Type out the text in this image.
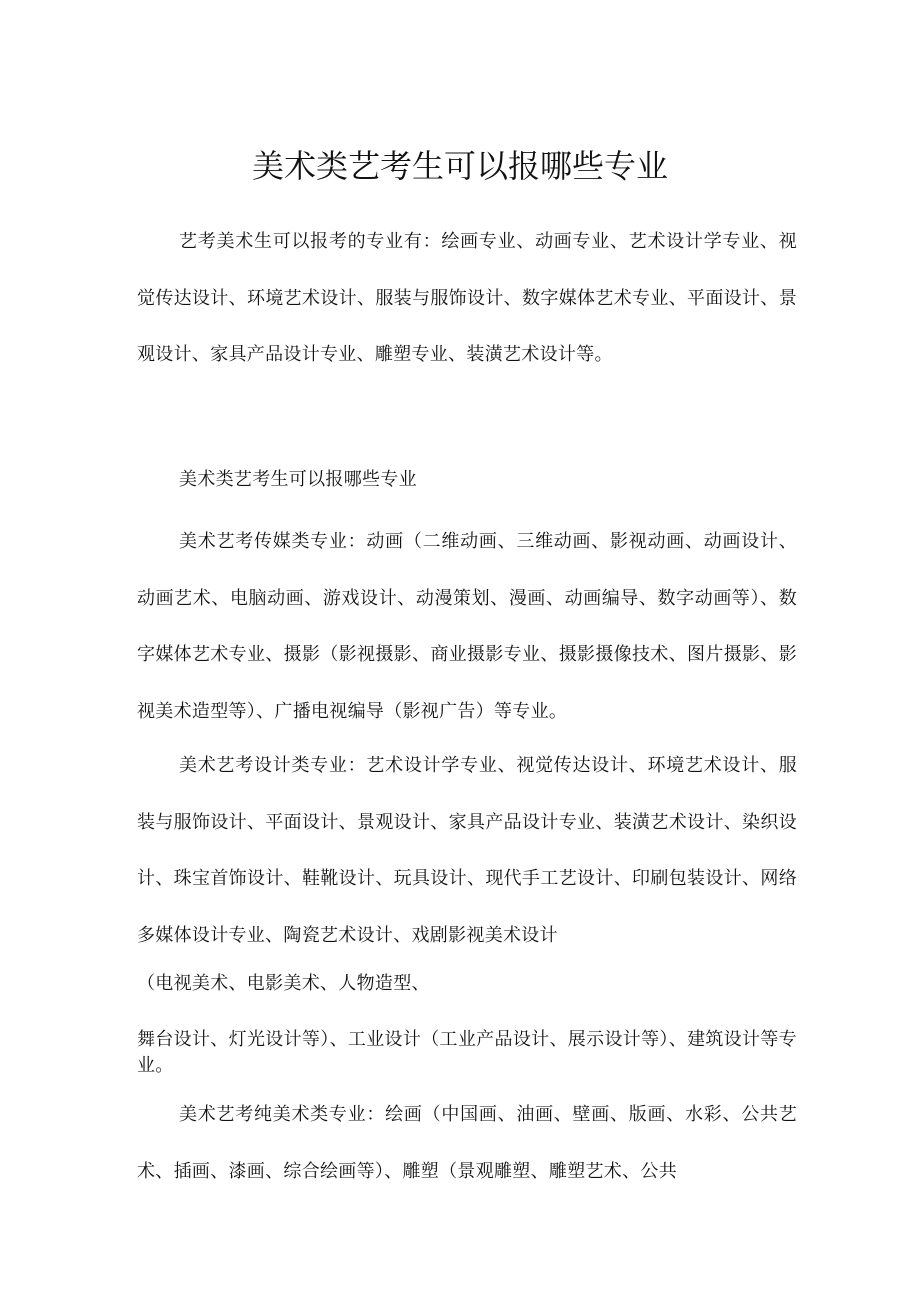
美术类艺考生可以报哪些专业

艺考美术生可以报考的专业有：绘画专业、动画专业、艺术设计学专业、视觉传达设计、环境艺术设计、服装与服饰设计、数字媒体艺术专业、平面设计、景观设计、家具产品设计专业、雕塑专业、装潢艺术设计等。

美术类艺考生可以报哪些专业

美术艺考传媒类专业：动画（二维动画、三维动画、影视动画、动画设计、动画艺术、电脑动画、游戏设计、动漫策划、漫画、动画编导、数字动画等）、数字媒体艺术专业、摄影（影视摄影、商业摄影专业、摄影摄像技术、图片摄影、影视美术造型等）、广播电视编导（影视广告）等专业。

美术艺考设计类专业：艺术设计学专业、视觉传达设计、环境艺术设计、服装与服饰设计、平面设计、景观设计、家具产品设计专业、装潢艺术设计、染织设计、珠宝首饰设计、鞋靴设计、玩具设计、现代手工艺设计、印刷包装设计、网络多媒体设计专业、陶瓷艺术设计、戏剧影视美术设计

（电视美术、电影美术、人物造型、

舞台设计、灯光设计等）、工业设计（工业产品设计、展示设计等）、建筑设计等专业。

美术艺考纯美术类专业：绘画（中国画、油画、壁画、版画、水彩、公共艺术、插画、漆画、综合绘画等）、雕塑（景观雕塑、雕塑艺术、公共
